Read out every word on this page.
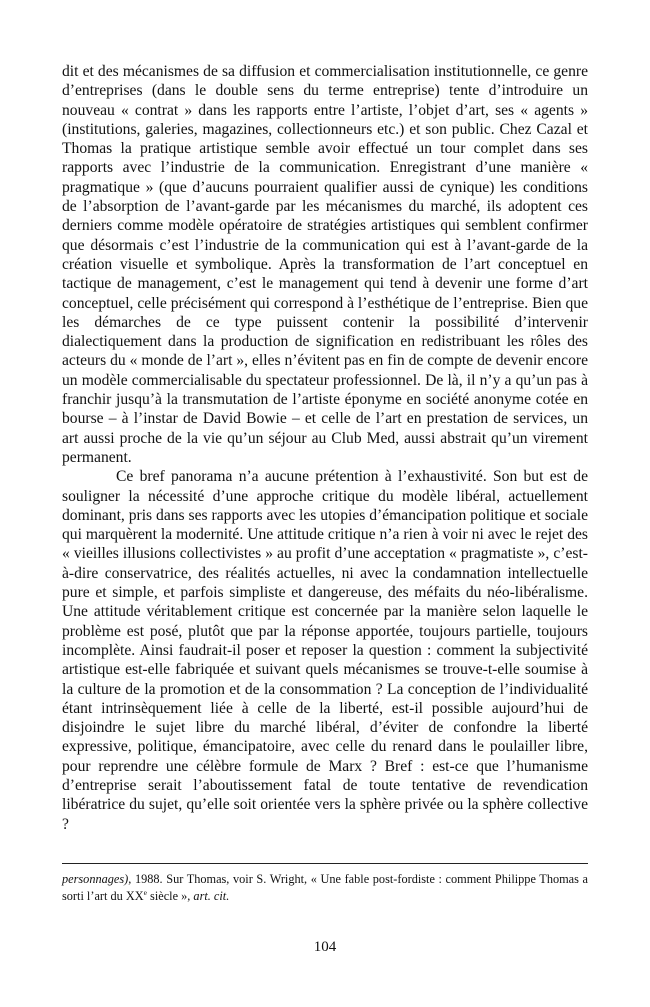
dit et des mécanismes de sa diffusion et commercialisation institutionnelle, ce genre d’entreprises (dans le double sens du terme entreprise) tente d’introduire un nouveau « contrat » dans les rapports entre l’artiste, l’objet d’art, ses « agents » (institutions, galeries, magazines, collectionneurs etc.) et son public. Chez Cazal et Thomas la pratique artistique semble avoir effectué un tour complet dans ses rapports avec l’industrie de la communication. Enregistrant d’une manière « pragmatique » (que d’aucuns pourraient qualifier aussi de cynique) les conditions de l’absorption de l’avant-garde par les mécanismes du marché, ils adoptent ces derniers comme modèle opératoire de stratégies artistiques qui semblent confirmer que désormais c’est l’industrie de la communication qui est à l’avant-garde de la création visuelle et symbolique. Après la transformation de l’art conceptuel en tactique de management, c’est le management qui tend à devenir une forme d’art conceptuel, celle précisément qui correspond à l’esthétique de l’entreprise. Bien que les démarches de ce type puissent contenir la possibilité d’intervenir dialectiquement dans la production de signification en redistribuant les rôles des acteurs du « monde de l’art », elles n’évitent pas en fin de compte de devenir encore un modèle commercialisable du spectateur professionnel. De là, il n’y a qu’un pas à franchir jusqu’à la transmutation de l’artiste éponyme en société anonyme cotée en bourse – à l’instar de David Bowie – et celle de l’art en prestation de services, un art aussi proche de la vie qu’un séjour au Club Med, aussi abstrait qu’un virement permanent.

Ce bref panorama n’a aucune prétention à l’exhaustivité. Son but est de souligner la nécessité d’une approche critique du modèle libéral, actuellement dominant, pris dans ses rapports avec les utopies d’émancipation politique et sociale qui marquèrent la modernité. Une attitude critique n’a rien à voir ni avec le rejet des « vieilles illusions collectivistes » au profit d’une acceptation « pragmatiste », c’est-à-dire conservatrice, des réalités actuelles, ni avec la condamnation intellectuelle pure et simple, et parfois simpliste et dangereuse, des méfaits du néo-libéralisme. Une attitude véritablement critique est concernée par la manière selon laquelle le problème est posé, plutôt que par la réponse apportée, toujours partielle, toujours incomplète. Ainsi faudrait-il poser et reposer la question : comment la subjectivité artistique est-elle fabriquée et suivant quels mécanismes se trouve-t-elle soumise à la culture de la promotion et de la consommation ? La conception de l’individualité étant intrinsèquement liée à celle de la liberté, est-il possible aujourd’hui de disjoindre le sujet libre du marché libéral, d’éviter de confondre la liberté expressive, politique, émancipatoire, avec celle du renard dans le poulailler libre, pour reprendre une célèbre formule de Marx ? Bref : est-ce que l’humanisme d’entreprise serait l’aboutissement fatal de toute tentative de revendication libératrice du sujet, qu’elle soit orientée vers la sphère privée ou la sphère collective ?

personnages), 1988. Sur Thomas, voir S. Wright, « Une fable post-fordiste : comment Philippe Thomas a sorti l’art du XXe siècle », art. cit.
104
